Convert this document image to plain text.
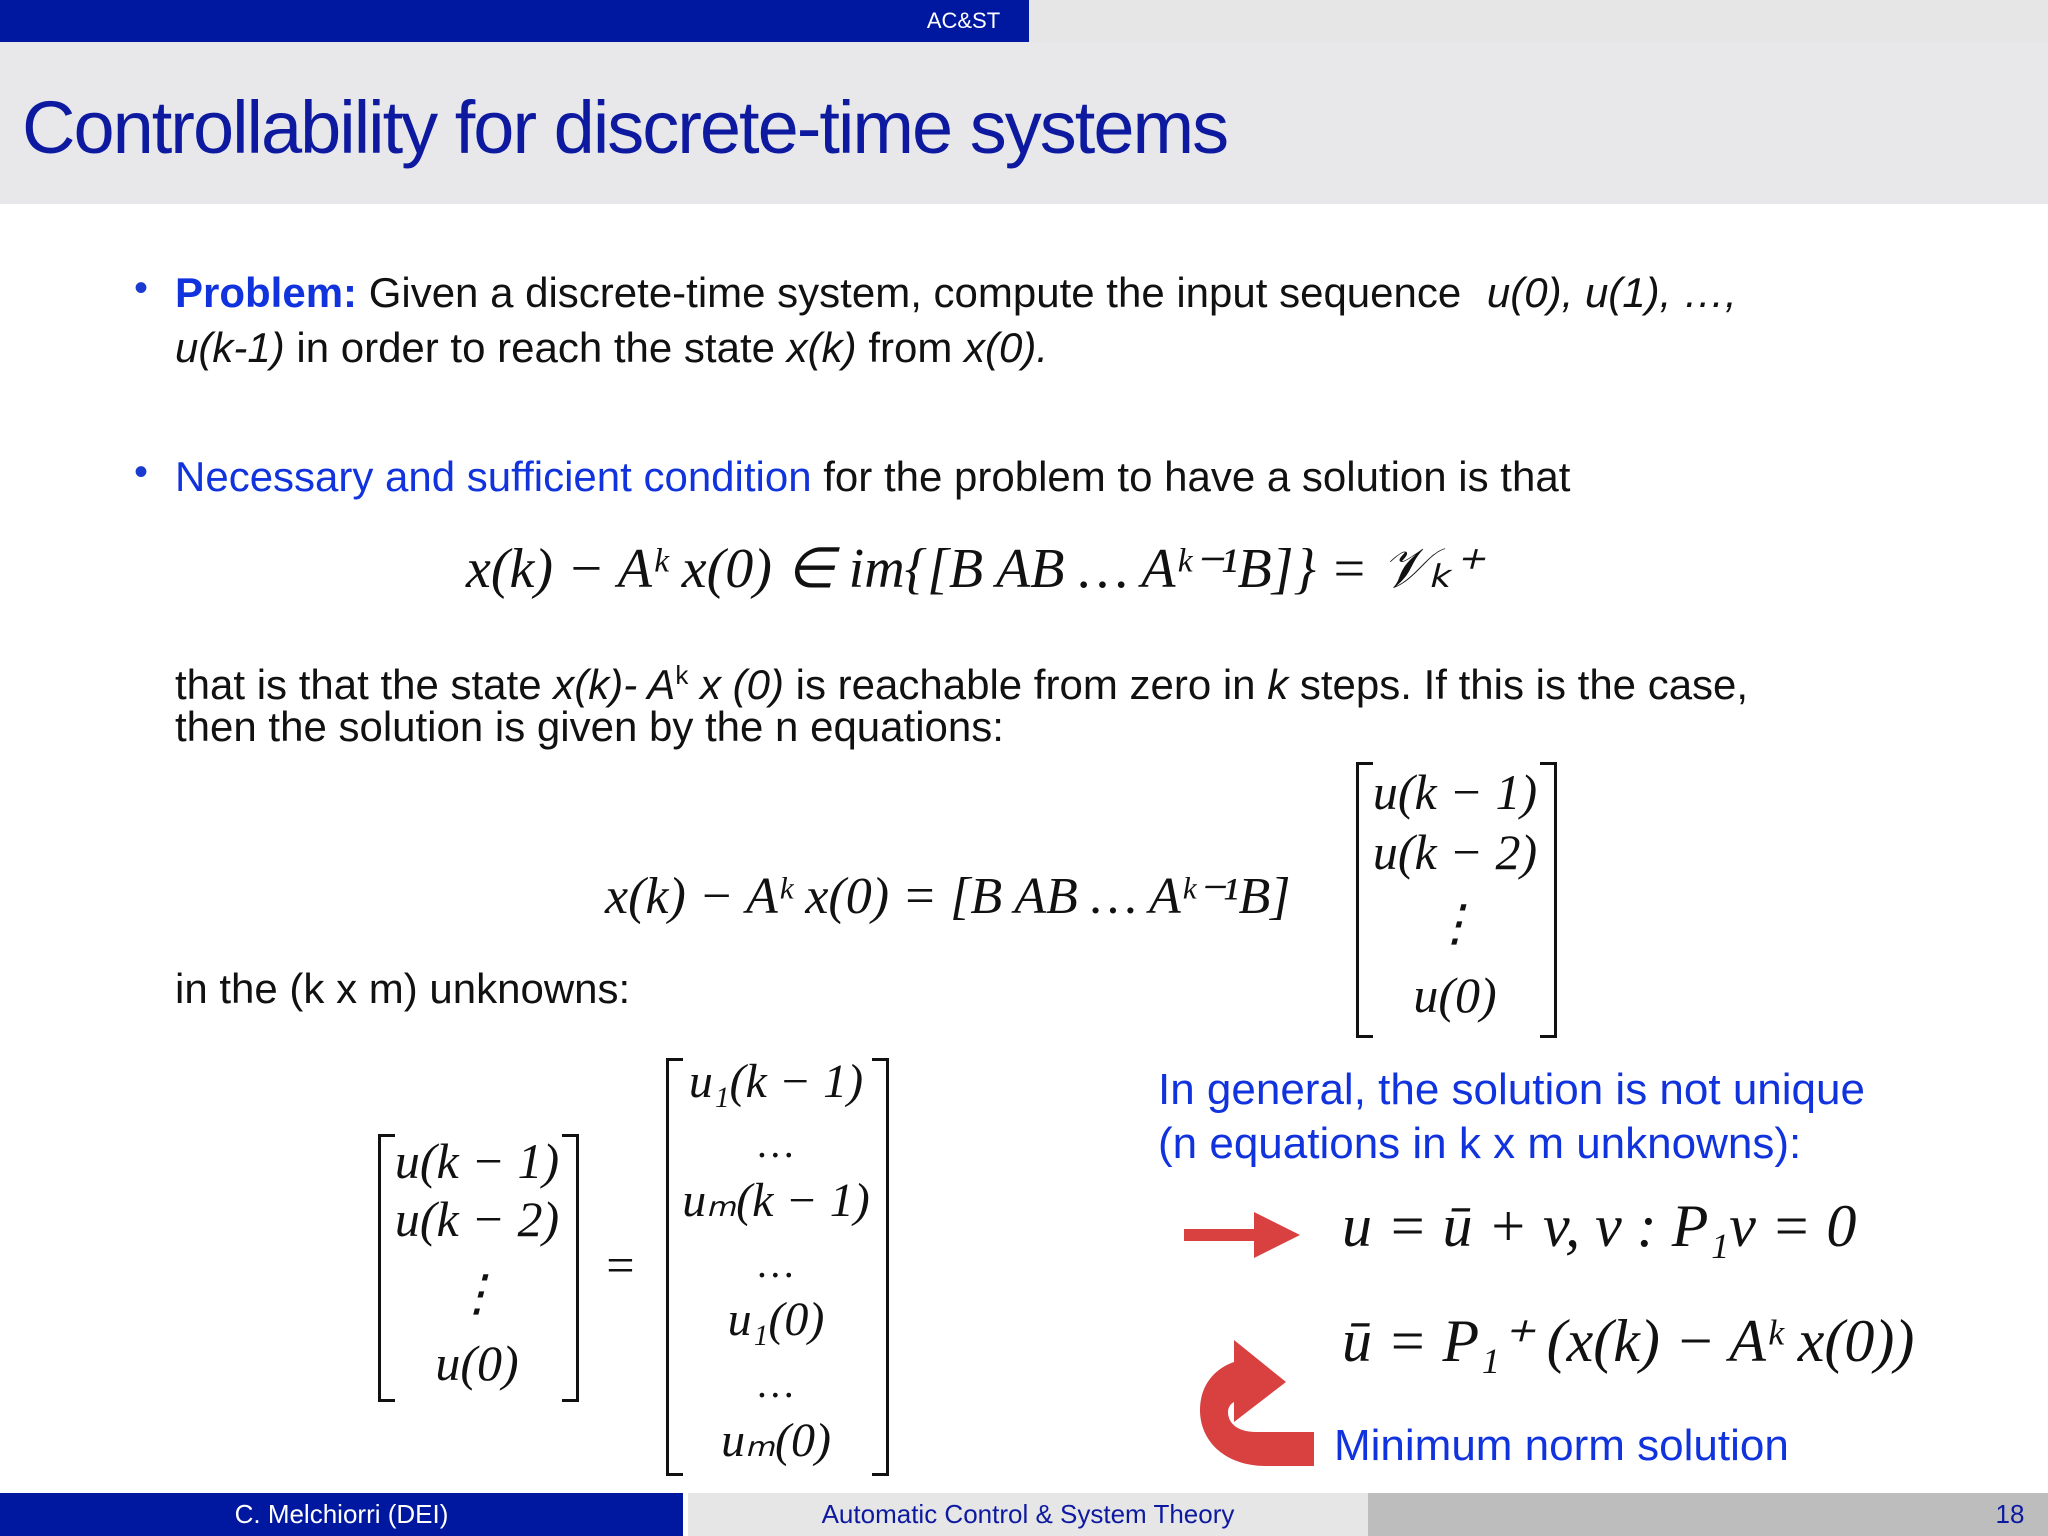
AC&ST
Controllability for discrete-time systems
• Problem: Given a discrete-time system, compute the input sequence u(0), u(1), …,
u(k-1) in order to reach the state x(k) from x(0).
• Necessary and sufficient condition for the problem to have a solution is that
x(k) − Aᵏ x(0) ∈ im{[B AB … Aᵏ⁻¹B]} = 𝒱ₖ⁺
that is that the state x(k)- $A^k$ x (0) is reachable from zero in k steps. If this is the case,
then the solution is given by the n equations:
x(k) − Aᵏ x(0) = [B AB … Aᵏ⁻¹B]
u(k − 1)
u(k − 2)
⋮
u(0)
in the (k x m) unknowns:
u(k − 1)
u(k − 2)
⋮
u(0)
=
u₁(k − 1)
…
uₘ(k − 1)
…
u₁(0)
…
uₘ(0)
In general, the solution is not unique
(n equations in k x m unknowns):
u = ū + v, v : P₁v = 0
ū = P₁⁺ (x(k) − Aᵏ x(0))
Minimum norm solution
C. Melchiorri (DEI)	Automatic Control & System Theory	18
